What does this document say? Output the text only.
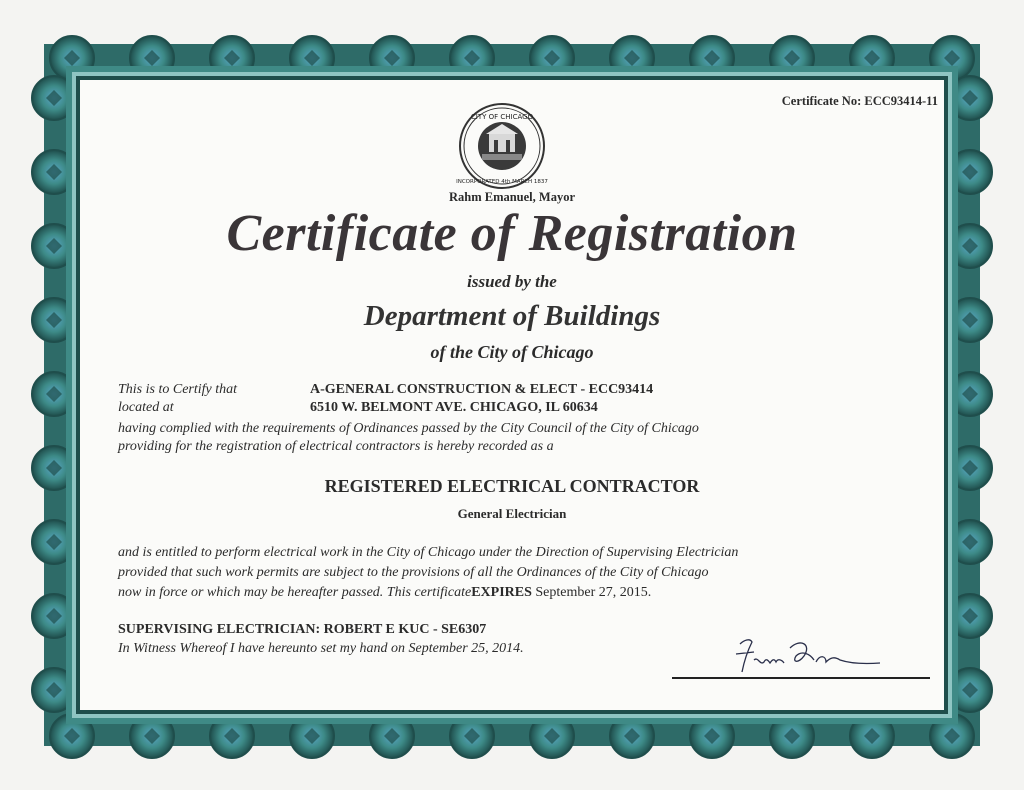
Certificate No: ECC93414-11
CITY OF CHICAGO
INCORPORATED 4th MARCH 1837
Rahm Emanuel, Mayor
Certificate of Registration
issued by the
Department of Buildings
of the City of Chicago
This is to Certify that
located at
A-GENERAL CONSTRUCTION & ELECT - ECC93414
6510 W. BELMONT AVE. CHICAGO, IL 60634
having complied with the requirements of Ordinances passed by the City Council of the City of Chicago
providing for the registration of electrical contractors is hereby recorded as a
REGISTERED ELECTRICAL CONTRACTOR
General Electrician
and is entitled to perform electrical work in the City of Chicago under the Direction of Supervising Electrician
provided that such work permits are subject to the provisions of all the Ordinances of the City of Chicago
now in force or which may be hereafter passed. This certificateEXPIRES September 27, 2015.
SUPERVISING ELECTRICIAN: ROBERT E KUC - SE6307
In Witness Whereof I have hereunto set my hand on September 25, 2014.
